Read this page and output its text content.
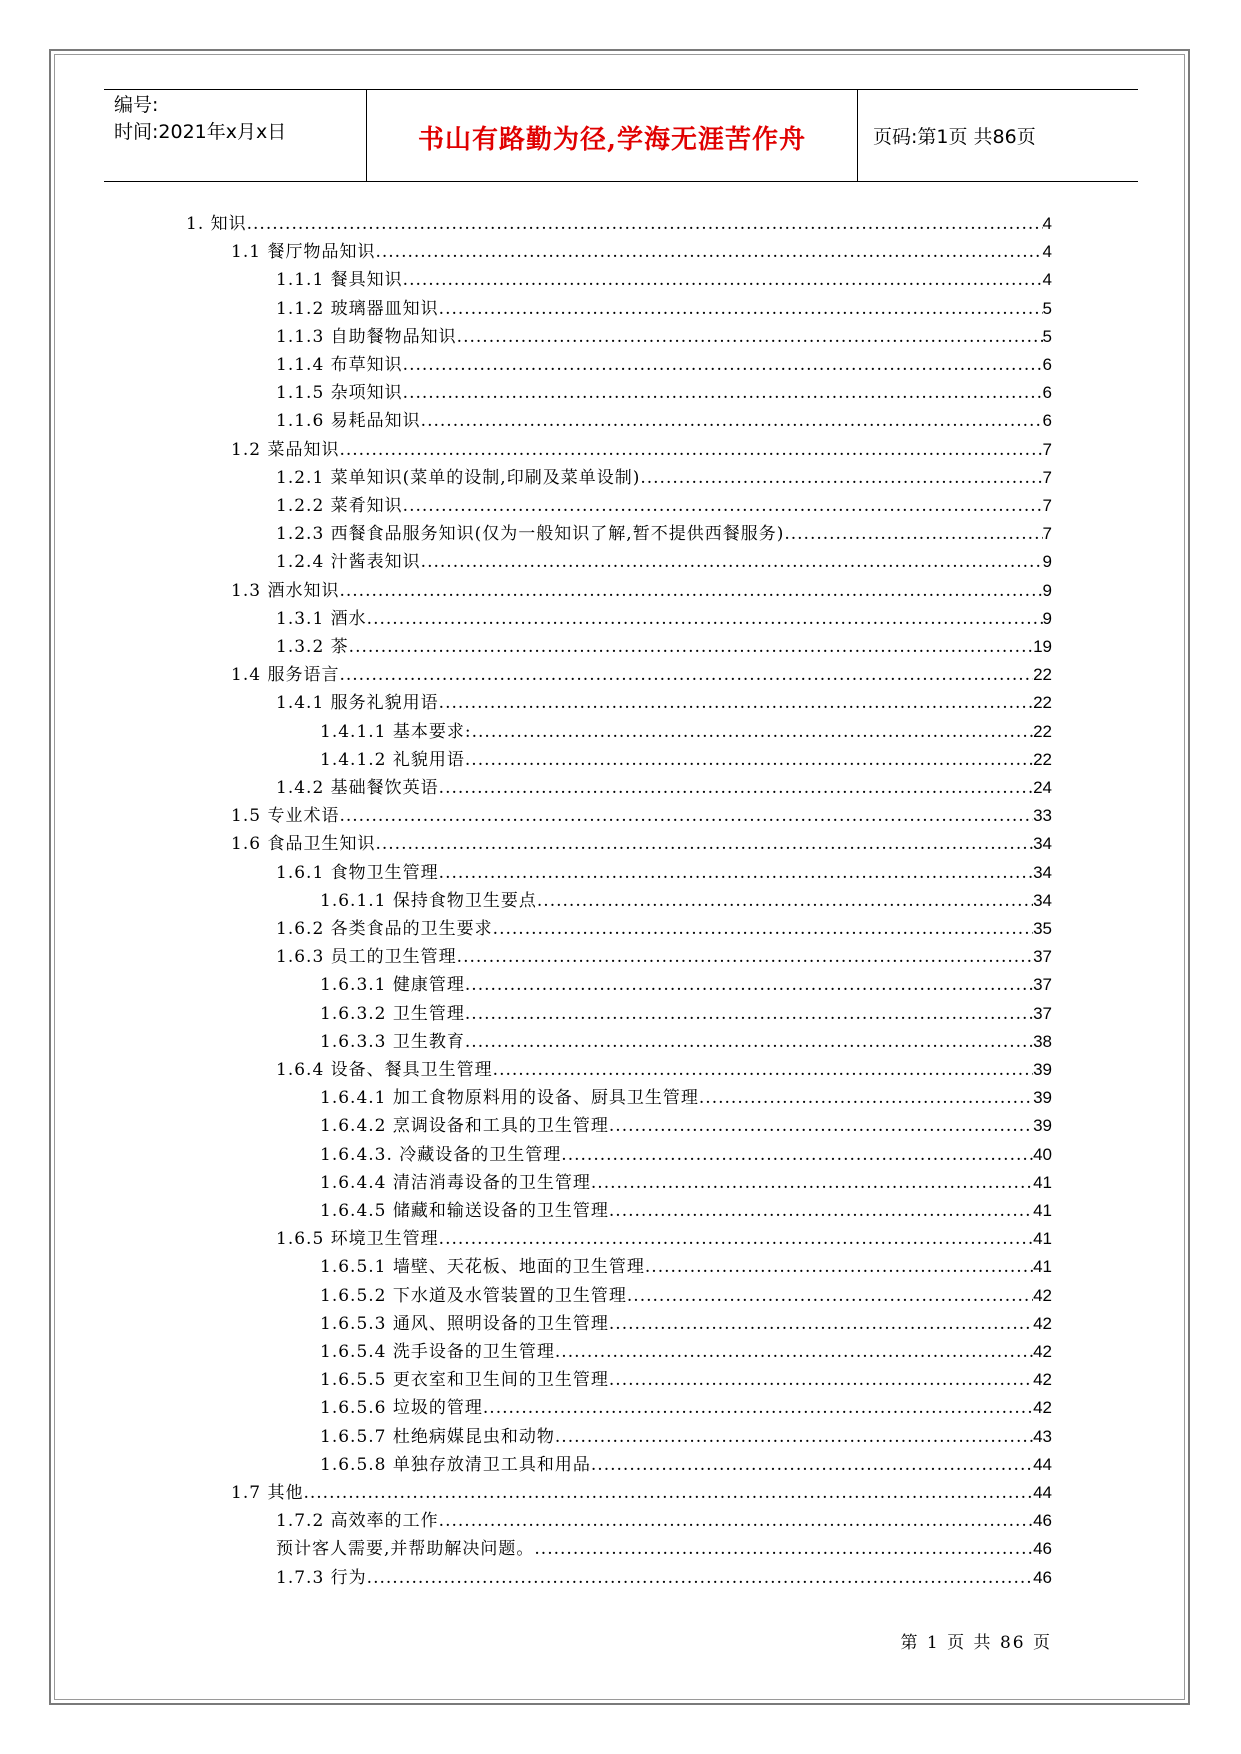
编号:
时间:2021年x月x日	书山有路勤为径,学海无涯苦作舟	页码:第1页 共86页
1. 知识 .....	4
1.1 餐厅物品知识 .....	4
1.1.1 餐具知识 .....	4
1.1.2 玻璃器皿知识 .....	5
1.1.3 自助餐物品知识 .....	5
1.1.4 布草知识 .....	6
1.1.5 杂项知识 .....	6
1.1.6 易耗品知识 .....	6
1.2 菜品知识 .....	7
1.2.1 菜单知识(菜单的设制,印刷及菜单设制) .....	7
1.2.2 菜肴知识 .....	7
1.2.3 西餐食品服务知识(仅为一般知识了解,暂不提供西餐服务) .....	7
1.2.4 汁酱表知识 .....	9
1.3 酒水知识 .....	9
1.3.1 酒水 .....	9
1.3.2 茶 .....	19
1.4 服务语言 .....	22
1.4.1 服务礼貌用语 .....	22
1.4.1.1 基本要求: .....	22
1.4.1.2 礼貌用语 .....	22
1.4.2 基础餐饮英语 .....	24
1.5 专业术语 .....	33
1.6 食品卫生知识 .....	34
1.6.1 食物卫生管理 .....	34
1.6.1.1 保持食物卫生要点 .....	34
1.6.2 各类食品的卫生要求 .....	35
1.6.3 员工的卫生管理 .....	37
1.6.3.1 健康管理 .....	37
1.6.3.2 卫生管理 .....	37
1.6.3.3 卫生教育 .....	38
1.6.4 设备、餐具卫生管理 .....	39
1.6.4.1 加工食物原料用的设备、厨具卫生管理 .....	39
1.6.4.2 烹调设备和工具的卫生管理 .....	39
1.6.4.3. 冷藏设备的卫生管理 .....	40
1.6.4.4 清洁消毒设备的卫生管理 .....	41
1.6.4.5 储藏和输送设备的卫生管理 .....	41
1.6.5 环境卫生管理 .....	41
1.6.5.1 墙壁、天花板、地面的卫生管理 .....	41
1.6.5.2 下水道及水管装置的卫生管理 .....	42
1.6.5.3 通风、照明设备的卫生管理 .....	42
1.6.5.4 洗手设备的卫生管理 .....	42
1.6.5.5 更衣室和卫生间的卫生管理 .....	42
1.6.5.6 垃圾的管理 .....	42
1.6.5.7 杜绝病媒昆虫和动物 .....	43
1.6.5.8 单独存放清卫工具和用品 .....	44
1.7 其他 .....	44
1.7.2 高效率的工作 .....	46
预计客人需要,并帮助解决问题。 .....	46
1.7.3 行为 .....	46
第 1 页 共 86 页
